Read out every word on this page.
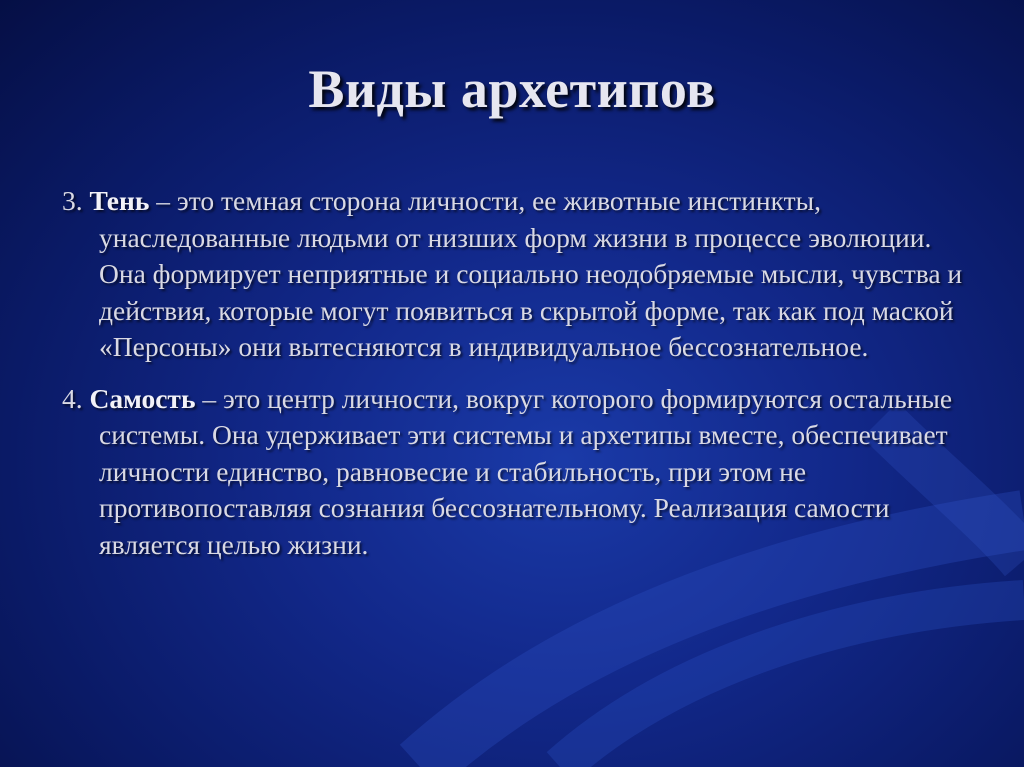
Виды архетипов

3. Тень – это темная сторона личности, ее животные инстинкты, унаследованные людьми от низших форм жизни в процессе эволюции. Она формирует неприятные и социально неодобряемые мысли, чувства и действия, которые могут появиться в скрытой форме, так как под маской «Персоны» они вытесняются в индивидуальное бессознательное.

4. Самость – это центр личности, вокруг которого формируются остальные системы. Она удерживает эти системы и архетипы вместе, обеспечивает личности единство, равновесие и стабильность, при этом не противопоставляя сознания бессознательному. Реализация самости является целью жизни.
